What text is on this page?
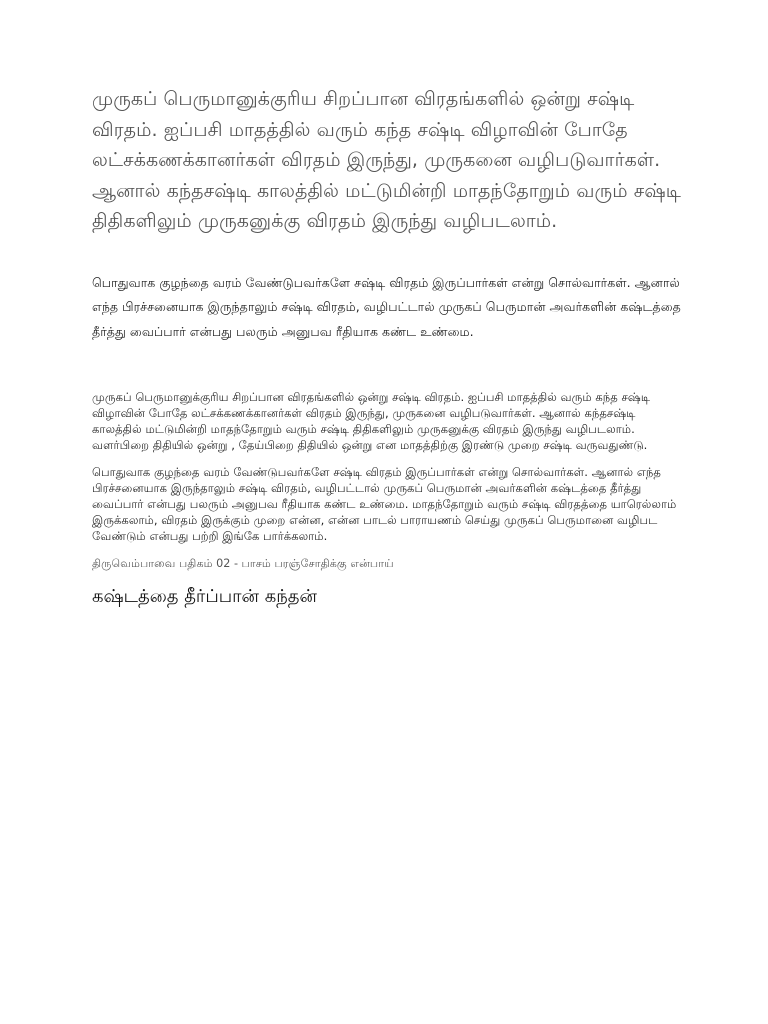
முருகப் பெருமானுக்குரிய சிறப்பான விரதங்களில் ஒன்று சஷ்டி விரதம். ஐப்பசி மாதத்தில் வரும் கந்த சஷ்டி விழாவின் போதே லட்சக்கணக்கானர்கள் விரதம் இருந்து, முருகனை வழிபடுவார்கள். ஆனால் கந்தசஷ்டி காலத்தில் மட்டுமின்றி மாதந்தோறும் வரும் சஷ்டி திதிகளிலும் முருகனுக்கு விரதம் இருந்து வழிபடலாம்.

பொதுவாக குழந்தை வரம் வேண்டுபவர்களே சஷ்டி விரதம் இருப்பார்கள் என்று சொல்வார்கள். ஆனால் எந்த பிரச்சனையாக இருந்தாலும் சஷ்டி விரதம், வழிபட்டால் முருகப் பெருமான் அவர்களின் கஷ்டத்தை தீர்த்து வைப்பார் என்பது பலரும் அனுபவ ரீதியாக கண்ட உண்மை.

முருகப் பெருமானுக்குரிய சிறப்பான விரதங்களில் ஒன்று சஷ்டி விரதம். ஐப்பசி மாதத்தில் வரும் கந்த சஷ்டி விழாவின் போதே லட்சக்கணக்கானர்கள் விரதம் இருந்து, முருகனை வழிபடுவார்கள். ஆனால் கந்தசஷ்டி காலத்தில் மட்டுமின்றி மாதந்தோறும் வரும் சஷ்டி திதிகளிலும் முருகனுக்கு விரதம் இருந்து வழிபடலாம். வளர்பிறை திதியில் ஒன்று , தேய்பிறை திதியில் ஒன்று என மாதத்திற்கு இரண்டு முறை சஷ்டி வருவதுண்டு.

பொதுவாக குழந்தை வரம் வேண்டுபவர்களே சஷ்டி விரதம் இருப்பார்கள் என்று சொல்வார்கள். ஆனால் எந்த பிரச்சனையாக இருந்தாலும் சஷ்டி விரதம், வழிபட்டால் முருகப் பெருமான் அவர்களின் கஷ்டத்தை தீர்த்து வைப்பார் என்பது பலரும் அனுபவ ரீதியாக கண்ட உண்மை. மாதந்தோறும் வரும் சஷ்டி விரதத்தை யாரெல்லாம் இருக்கலாம், விரதம் இருக்கும் முறை என்ன, என்ன பாடல் பாராயணம் செய்து முருகப் பெருமானை வழிபட வேண்டும் என்பது பற்றி இங்கே பார்க்கலாம்.

திருவெம்பாவை பதிகம் 02 - பாசம் பரஞ்சோதிக்கு என்பாய்

கஷ்டத்தை தீர்ப்பான் கந்தன்
